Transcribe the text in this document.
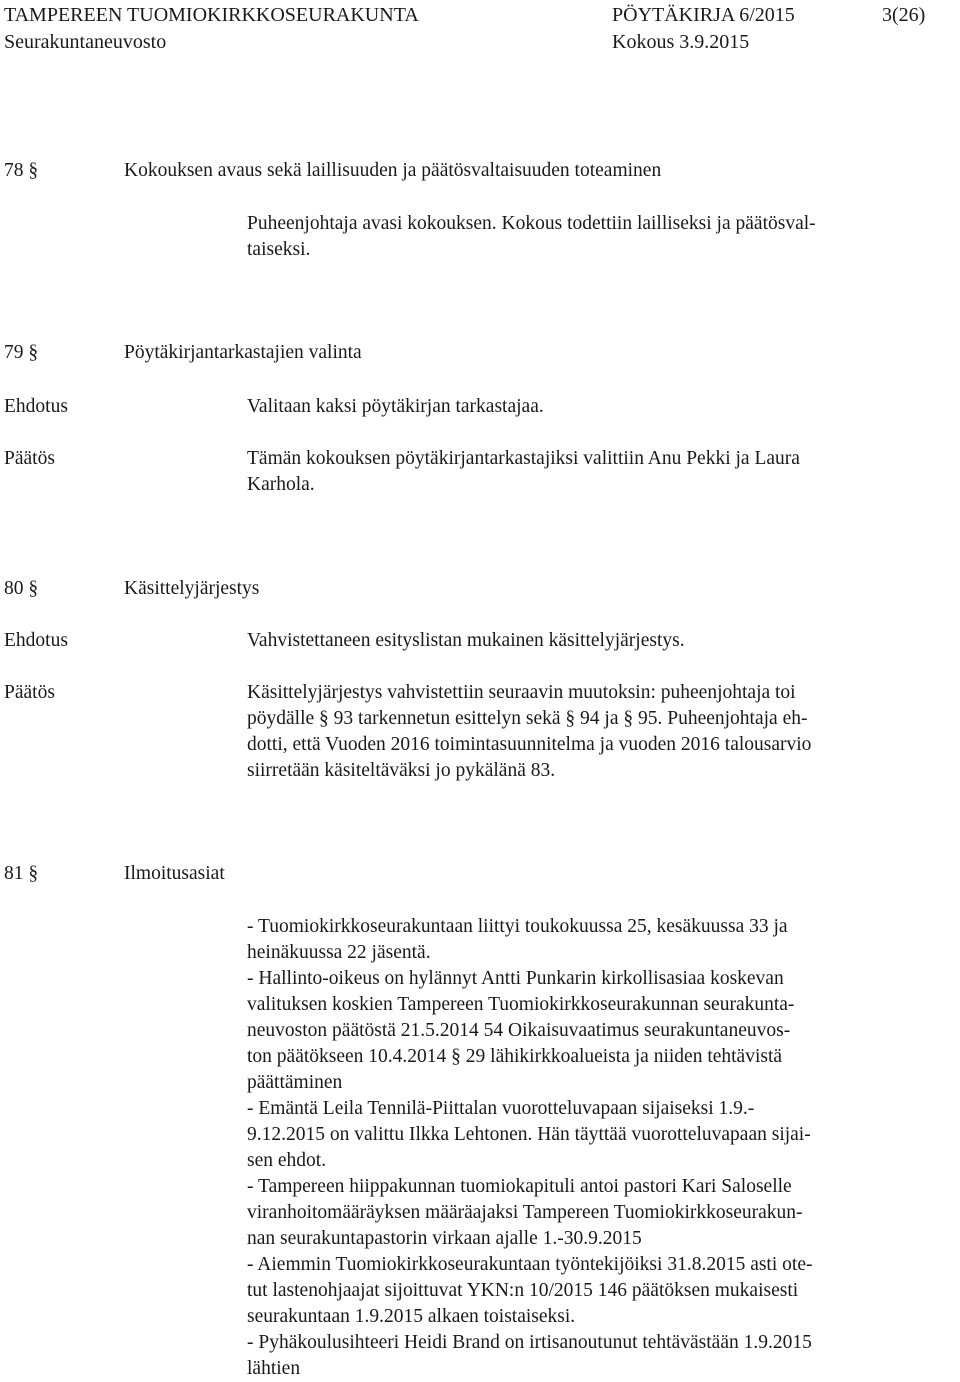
TAMPEREEN TUOMIOKIRKKOSEURAKUNTA	PÖYTÄKIRJA 6/2015	3(26)
Seurakuntaneuvosto	Kokous 3.9.2015
78 §	Kokouksen avaus sekä laillisuuden ja päätösvaltaisuuden toteaminen
Puheenjohtaja avasi kokouksen. Kokous todettiin lailliseksi ja päätösval-
taiseksi.
79 §	Pöytäkirjantarkastajien valinta
Ehdotus	Valitaan kaksi pöytäkirjan tarkastajaa.
Päätös	Tämän kokouksen pöytäkirjantarkastajiksi valittiin Anu Pekki ja Laura
Karhola.
80 §	Käsittelyjärjestys
Ehdotus	Vahvistettaneen esityslistan mukainen käsittelyjärjestys.
Päätös	Käsittelyjärjestys vahvistettiin seuraavin muutoksin: puheenjohtaja toi
pöydälle § 93 tarkennetun esittelyn sekä § 94 ja § 95. Puheenjohtaja eh-
dotti, että Vuoden 2016 toimintasuunnitelma ja vuoden 2016 talousarvio
siirretään käsiteltäväksi jo pykälänä 83.
81 §	Ilmoitusasiat
- Tuomiokirkkoseurakuntaan liittyi toukokuussa 25, kesäkuussa 33 ja
heinäkuussa 22 jäsentä.
- Hallinto-oikeus on hylännyt Antti Punkarin kirkollisasiaa koskevan
valituksen koskien Tampereen Tuomiokirkkoseurakunnan seurakunta-
neuvoston päätöstä 21.5.2014 54 Oikaisuvaatimus seurakuntaneuvos-
ton päätökseen 10.4.2014 § 29 lähikirkkoalueista ja niiden tehtävistä
päättäminen
- Emäntä Leila Tennilä-Piittalan vuorotteluvapaan sijaiseksi 1.9.-
9.12.2015 on valittu Ilkka Lehtonen. Hän täyttää vuorotteluvapaan sijai-
sen ehdot.
- Tampereen hiippakunnan tuomiokapituli antoi pastori Kari Saloselle
viranhoitomääräyksen määräajaksi Tampereen Tuomiokirkkoseurakun-
nan seurakuntapastorin virkaan ajalle 1.-30.9.2015
- Aiemmin Tuomiokirkkoseurakuntaan työntekijöiksi 31.8.2015 asti ote-
tut lastenohjaajat sijoittuvat YKN:n 10/2015 146 päätöksen mukaisesti
seurakuntaan 1.9.2015 alkaen toistaiseksi.
- Pyhäkoulusihteeri Heidi Brand on irtisanoutunut tehtävästään 1.9.2015
lähtien
